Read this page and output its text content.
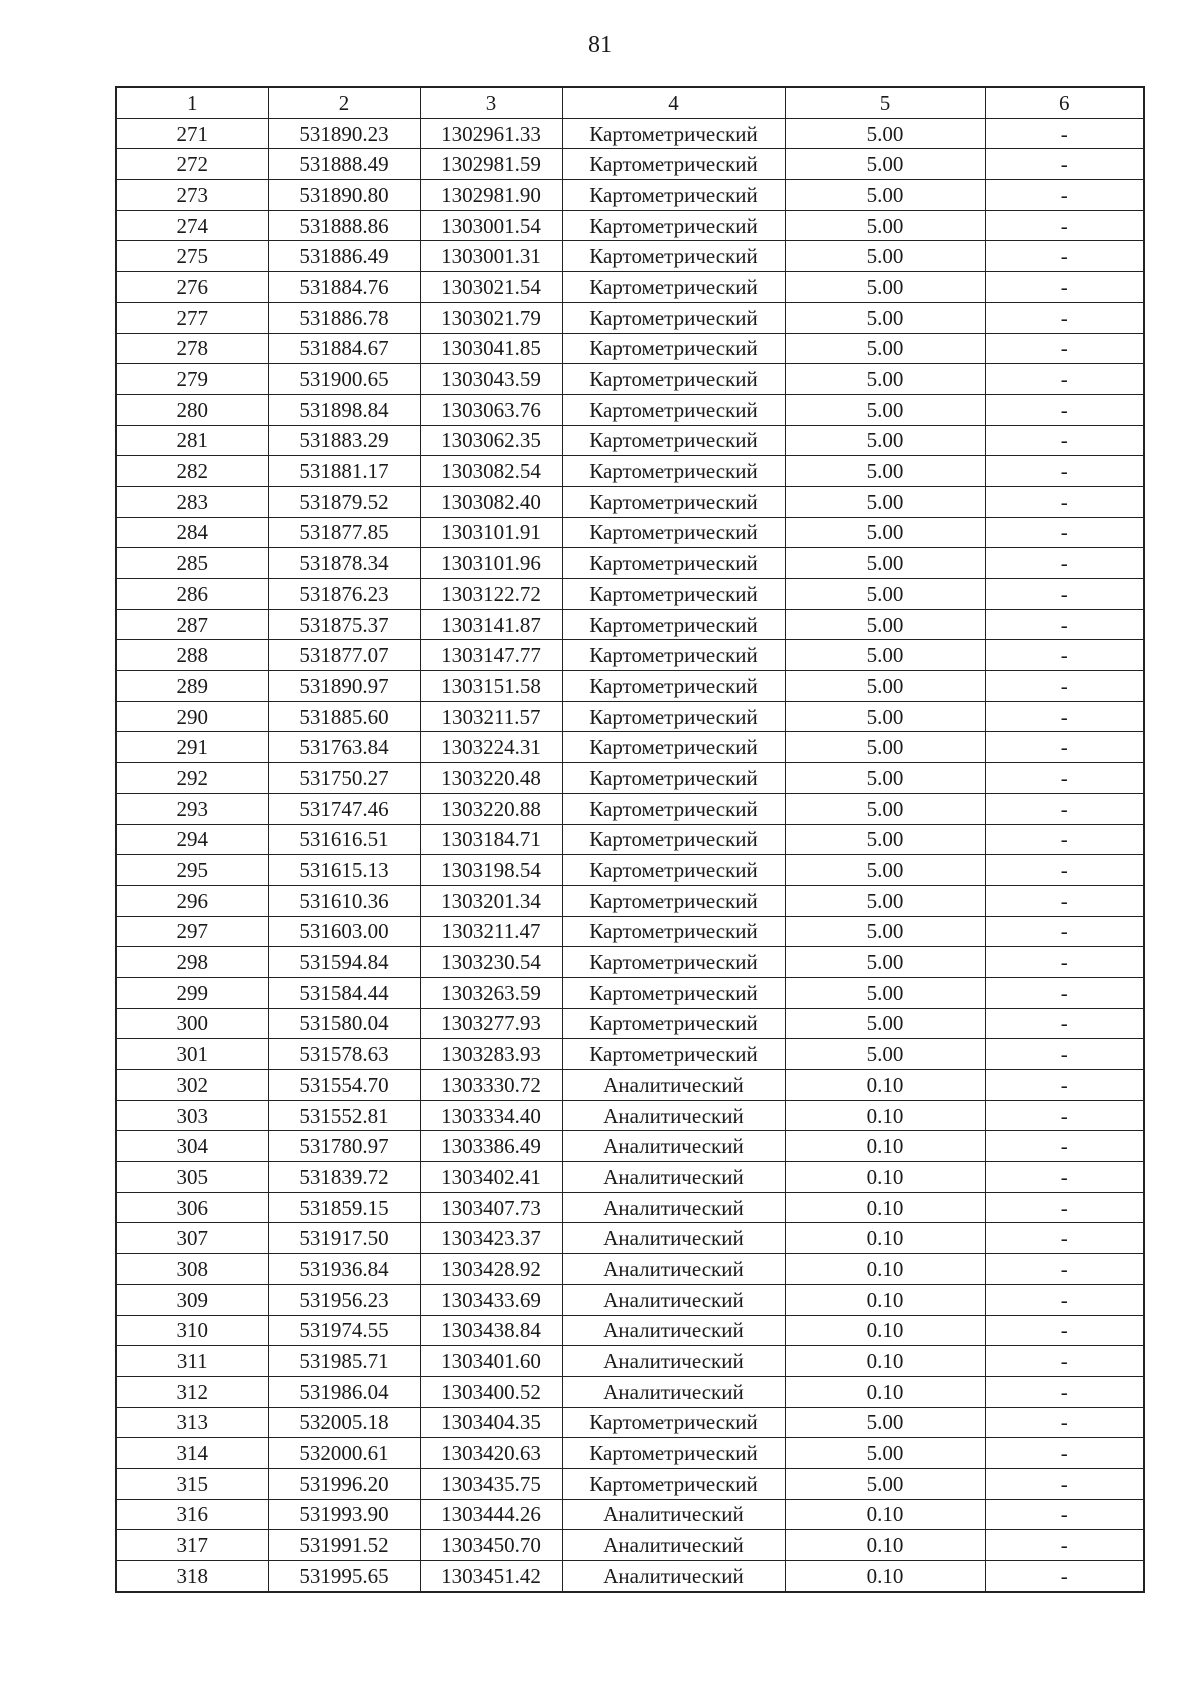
81
1	2	3	4	5	6
271	531890.23	1302961.33	Картометрический	5.00	-
272	531888.49	1302981.59	Картометрический	5.00	-
273	531890.80	1302981.90	Картометрический	5.00	-
274	531888.86	1303001.54	Картометрический	5.00	-
275	531886.49	1303001.31	Картометрический	5.00	-
276	531884.76	1303021.54	Картометрический	5.00	-
277	531886.78	1303021.79	Картометрический	5.00	-
278	531884.67	1303041.85	Картометрический	5.00	-
279	531900.65	1303043.59	Картометрический	5.00	-
280	531898.84	1303063.76	Картометрический	5.00	-
281	531883.29	1303062.35	Картометрический	5.00	-
282	531881.17	1303082.54	Картометрический	5.00	-
283	531879.52	1303082.40	Картометрический	5.00	-
284	531877.85	1303101.91	Картометрический	5.00	-
285	531878.34	1303101.96	Картометрический	5.00	-
286	531876.23	1303122.72	Картометрический	5.00	-
287	531875.37	1303141.87	Картометрический	5.00	-
288	531877.07	1303147.77	Картометрический	5.00	-
289	531890.97	1303151.58	Картометрический	5.00	-
290	531885.60	1303211.57	Картометрический	5.00	-
291	531763.84	1303224.31	Картометрический	5.00	-
292	531750.27	1303220.48	Картометрический	5.00	-
293	531747.46	1303220.88	Картометрический	5.00	-
294	531616.51	1303184.71	Картометрический	5.00	-
295	531615.13	1303198.54	Картометрический	5.00	-
296	531610.36	1303201.34	Картометрический	5.00	-
297	531603.00	1303211.47	Картометрический	5.00	-
298	531594.84	1303230.54	Картометрический	5.00	-
299	531584.44	1303263.59	Картометрический	5.00	-
300	531580.04	1303277.93	Картометрический	5.00	-
301	531578.63	1303283.93	Картометрический	5.00	-
302	531554.70	1303330.72	Аналитический	0.10	-
303	531552.81	1303334.40	Аналитический	0.10	-
304	531780.97	1303386.49	Аналитический	0.10	-
305	531839.72	1303402.41	Аналитический	0.10	-
306	531859.15	1303407.73	Аналитический	0.10	-
307	531917.50	1303423.37	Аналитический	0.10	-
308	531936.84	1303428.92	Аналитический	0.10	-
309	531956.23	1303433.69	Аналитический	0.10	-
310	531974.55	1303438.84	Аналитический	0.10	-
311	531985.71	1303401.60	Аналитический	0.10	-
312	531986.04	1303400.52	Аналитический	0.10	-
313	532005.18	1303404.35	Картометрический	5.00	-
314	532000.61	1303420.63	Картометрический	5.00	-
315	531996.20	1303435.75	Картометрический	5.00	-
316	531993.90	1303444.26	Аналитический	0.10	-
317	531991.52	1303450.70	Аналитический	0.10	-
318	531995.65	1303451.42	Аналитический	0.10	-
